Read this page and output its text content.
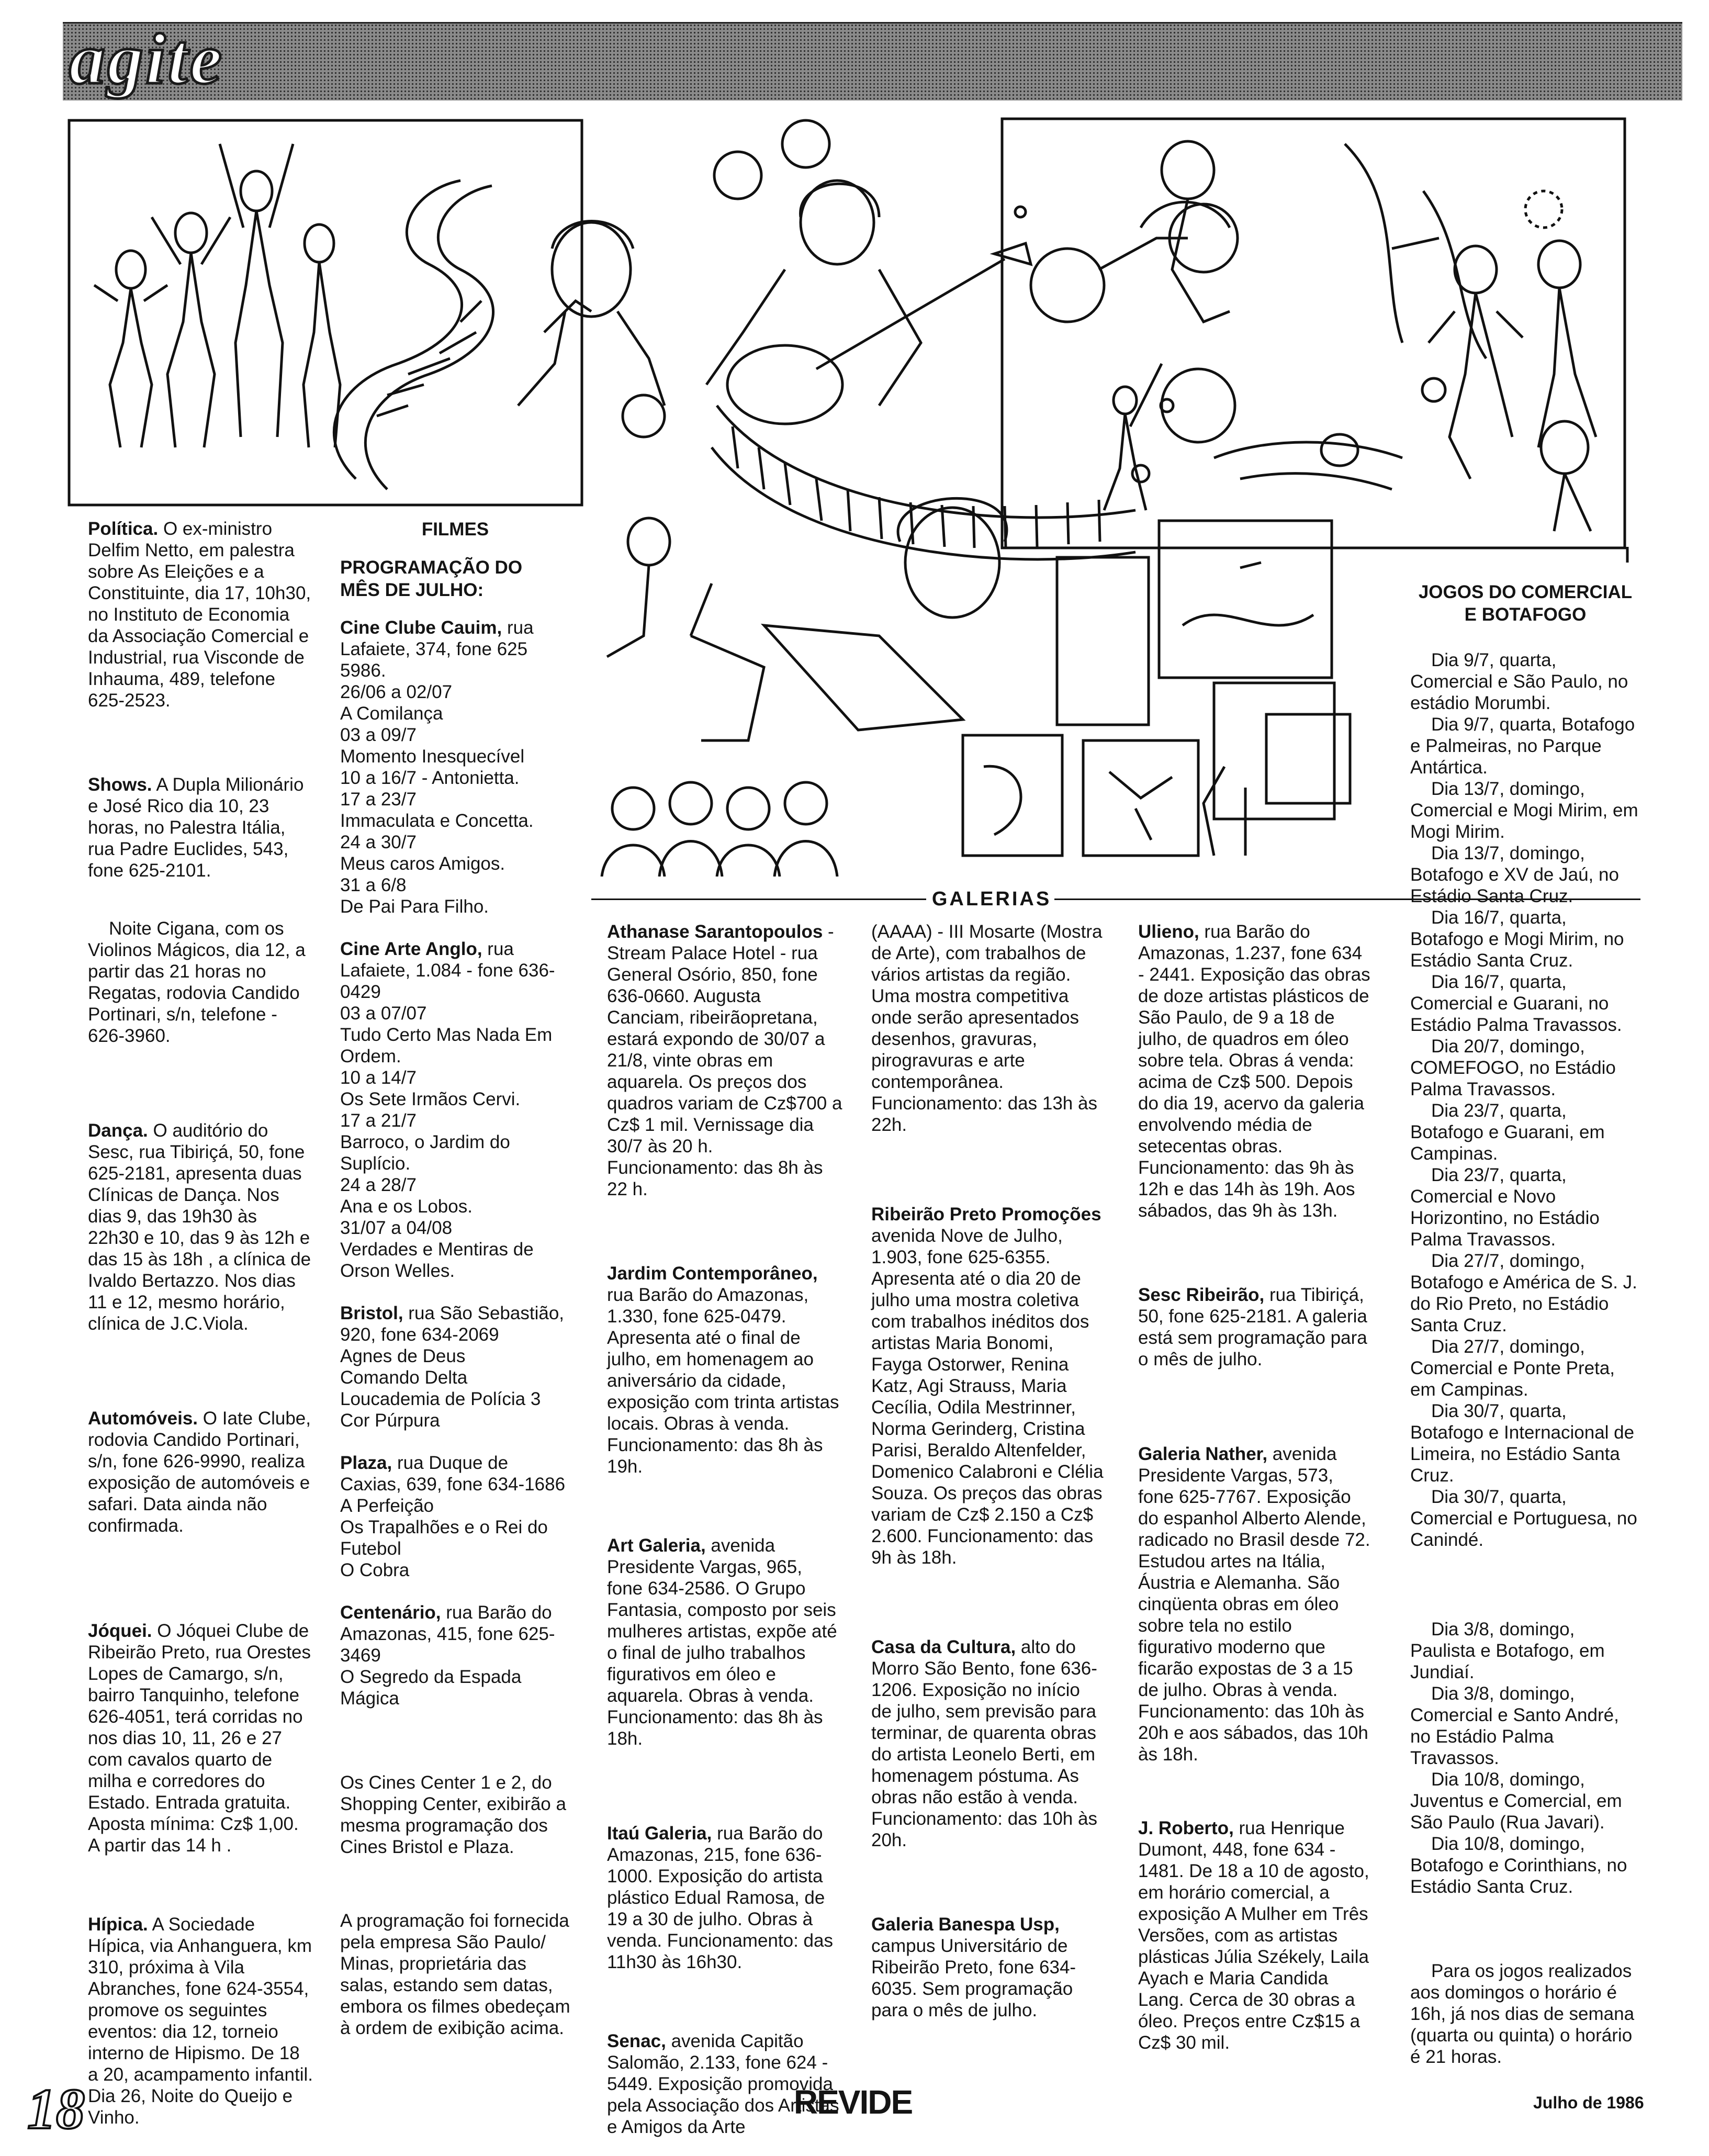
agite
Política. O ex-ministro Delfim Netto, em palestra sobre As Eleições e a Constituinte, dia 17, 10h30, no Instituto de Economia da Associação Comercial e Industrial, rua Visconde de Inhauma, 489, telefone 625-2523.
Shows. A Dupla Milionário e José Rico dia 10, 23 horas, no Palestra Itália, rua Padre Euclides, 543, fone 625-2101.
Noite Cigana, com os Violinos Mágicos, dia 12, a partir das 21 horas no Regatas, rodovia Candido Portinari, s/n, telefone - 626-3960.
Dança. O auditório do Sesc, rua Tibiriçá, 50, fone 625-2181, apresenta duas Clínicas de Dança. Nos dias 9, das 19h30 às 22h30 e 10, das 9 às 12h e das 15 às 18h , a clínica de Ivaldo Bertazzo. Nos dias 11 e 12, mesmo horário, clínica de J.C.Viola.
Automóveis. O Iate Clube, rodovia Candido Portinari, s/n, fone 626-9990, realiza exposição de automóveis e safari. Data ainda não confirmada.
Jóquei. O Jóquei Clube de Ribeirão Preto, rua Orestes Lopes de Camargo, s/n, bairro Tanquinho, telefone 626-4051, terá corridas no nos dias 10, 11, 26 e 27 com cavalos quarto de milha e corredores do Estado. Entrada gratuita. Aposta mínima: Cz$ 1,00. A partir das 14 h .
Hípica. A Sociedade Hípica, via Anhanguera, km 310, próxima à Vila Abranches, fone 624-3554, promove os seguintes eventos: dia 12, torneio interno de Hipismo. De 18 a 20, acampamento infantil. Dia 26, Noite do Queijo e Vinho.
FILMES
PROGRAMAÇÃO DO
MÊS DE JULHO:
Cine Clube Cauim, rua Lafaiete, 374, fone 625 5986.
26/06 a 02/07
A Comilança
03 a 09/7
Momento Inesquecível
10 a 16/7 - Antonietta.
17 a 23/7
Immaculata e Concetta.
24 a 30/7
Meus caros Amigos.
31 a 6/8
De Pai Para Filho.
Cine Arte Anglo, rua Lafaiete, 1.084 - fone 636-0429
03 a 07/07
Tudo Certo Mas Nada Em Ordem.
10 a 14/7
Os Sete Irmãos Cervi.
17 a 21/7
Barroco, o Jardim do Suplício.
24 a 28/7
Ana e os Lobos.
31/07 a 04/08
Verdades e Mentiras de Orson Welles.
Bristol, rua São Sebastião, 920, fone 634-2069
Agnes de Deus
Comando Delta
Loucademia de Polícia 3
Cor Púrpura
Plaza, rua Duque de Caxias, 639, fone 634-1686
A Perfeição
Os Trapalhões e o Rei do Futebol
O Cobra
Centenário, rua Barão do Amazonas, 415, fone 625-3469
O Segredo da Espada Mágica
Os Cines Center 1 e 2, do Shopping Center, exibirão a mesma programação dos Cines Bristol e Plaza.
A programação foi fornecida pela empresa São Paulo/ Minas, proprietária das salas, estando sem datas, embora os filmes obedeçam à ordem de exibição acima.
GALERIAS
Athanase Sarantopoulos - Stream Palace Hotel - rua General Osório, 850, fone 636-0660. Augusta Canciam, ribeirãopretana, estará expondo de 30/07 a 21/8, vinte obras em aquarela. Os preços dos quadros variam de Cz$700 a Cz$ 1 mil. Vernissage dia 30/7 às 20 h. Funcionamento: das 8h às 22 h.
Jardim Contemporâneo, rua Barão do Amazonas, 1.330, fone 625-0479. Apresenta até o final de julho, em homenagem ao aniversário da cidade, exposição com trinta artistas locais. Obras à venda. Funcionamento: das 8h às 19h.
Art Galeria, avenida Presidente Vargas, 965, fone 634-2586. O Grupo Fantasia, composto por seis mulheres artistas, expõe até o final de julho trabalhos figurativos em óleo e aquarela. Obras à venda. Funcionamento: das 8h às 18h.
Itaú Galeria, rua Barão do Amazonas, 215, fone 636-1000. Exposição do artista plástico Edual Ramosa, de 19 a 30 de julho. Obras à venda. Funcionamento: das 11h30 às 16h30.
Senac, avenida Capitão Salomão, 2.133, fone 624 - 5449. Exposição promovida pela Associação dos Artistas e Amigos da Arte
(AAAA) - III Mosarte (Mostra de Arte), com trabalhos de vários artistas da região. Uma mostra competitiva onde serão apresentados desenhos, gravuras, pirogravuras e arte contemporânea. Funcionamento: das 13h às 22h.
Ribeirão Preto Promoções avenida Nove de Julho, 1.903, fone 625-6355. Apresenta até o dia 20 de julho uma mostra coletiva com trabalhos inéditos dos artistas Maria Bonomi, Fayga Ostorwer, Renina Katz, Agi Strauss, Maria Cecília, Odila Mestrinner, Norma Gerinderg, Cristina Parisi, Beraldo Altenfelder, Domenico Calabroni e Clélia Souza. Os preços das obras variam de Cz$ 2.150 a Cz$ 2.600. Funcionamento: das 9h às 18h.
Casa da Cultura, alto do Morro São Bento, fone 636-1206. Exposição no início de julho, sem previsão para terminar, de quarenta obras do artista Leonelo Berti, em homenagem póstuma. As obras não estão à venda. Funcionamento: das 10h às 20h.
Galeria Banespa Usp, campus Universitário de Ribeirão Preto, fone 634-6035. Sem programação para o mês de julho.
Ulieno, rua Barão do Amazonas, 1.237, fone 634 - 2441. Exposição das obras de doze artistas plásticos de São Paulo, de 9 a 18 de julho, de quadros em óleo sobre tela. Obras á venda: acima de Cz$ 500. Depois do dia 19, acervo da galeria envolvendo média de setecentas obras. Funcionamento: das 9h às 12h e das 14h às 19h. Aos sábados, das 9h às 13h.
Sesc Ribeirão, rua Tibiriçá, 50, fone 625-2181. A galeria está sem programação para o mês de julho.
Galeria Nather, avenida Presidente Vargas, 573, fone 625-7767. Exposição do espanhol Alberto Alende, radicado no Brasil desde 72. Estudou artes na Itália, Áustria e Alemanha. São cinqüenta obras em óleo sobre tela no estilo figurativo moderno que ficarão expostas de 3 a 15 de julho. Obras à venda. Funcionamento: das 10h às 20h e aos sábados, das 10h às 18h.
J. Roberto, rua Henrique Dumont, 448, fone 634 - 1481. De 18 a 10 de agosto, em horário comercial, a exposição A Mulher em Três Versões, com as artistas plásticas Júlia Székely, Laila Ayach e Maria Candida Lang. Cerca de 30 obras a óleo. Preços entre Cz$15 a Cz$ 30 mil.
JOGOS DO COMERCIAL
E BOTAFOGO
Dia 9/7, quarta, Comercial e São Paulo, no estádio Morumbi.
Dia 9/7, quarta, Botafogo e Palmeiras, no Parque Antártica.
Dia 13/7, domingo, Comercial e Mogi Mirim, em Mogi Mirim.
Dia 13/7, domingo, Botafogo e XV de Jaú, no Estádio Santa Cruz.
Dia 16/7, quarta, Botafogo e Mogi Mirim, no Estádio Santa Cruz.
Dia 16/7, quarta, Comercial e Guarani, no Estádio Palma Travassos.
Dia 20/7, domingo, COMEFOGO, no Estádio Palma Travassos.
Dia 23/7, quarta, Botafogo e Guarani, em Campinas.
Dia 23/7, quarta, Comercial e Novo Horizontino, no Estádio Palma Travassos.
Dia 27/7, domingo, Botafogo e América de S. J. do Rio Preto, no Estádio Santa Cruz.
Dia 27/7, domingo, Comercial e Ponte Preta, em Campinas.
Dia 30/7, quarta, Botafogo e Internacional de Limeira, no Estádio Santa Cruz.
Dia 30/7, quarta, Comercial e Portuguesa, no Canindé.
Dia 3/8, domingo, Paulista e Botafogo, em Jundiaí.
Dia 3/8, domingo, Comercial e Santo André, no Estádio Palma Travassos.
Dia 10/8, domingo, Juventus e Comercial, em São Paulo (Rua Javari).
Dia 10/8, domingo, Botafogo e Corinthians, no Estádio Santa Cruz.
Para os jogos realizados aos domingos o horário é 16h, já nos dias de semana (quarta ou quinta) o horário é 21 horas.
18	REVIDE	Julho de 1986
